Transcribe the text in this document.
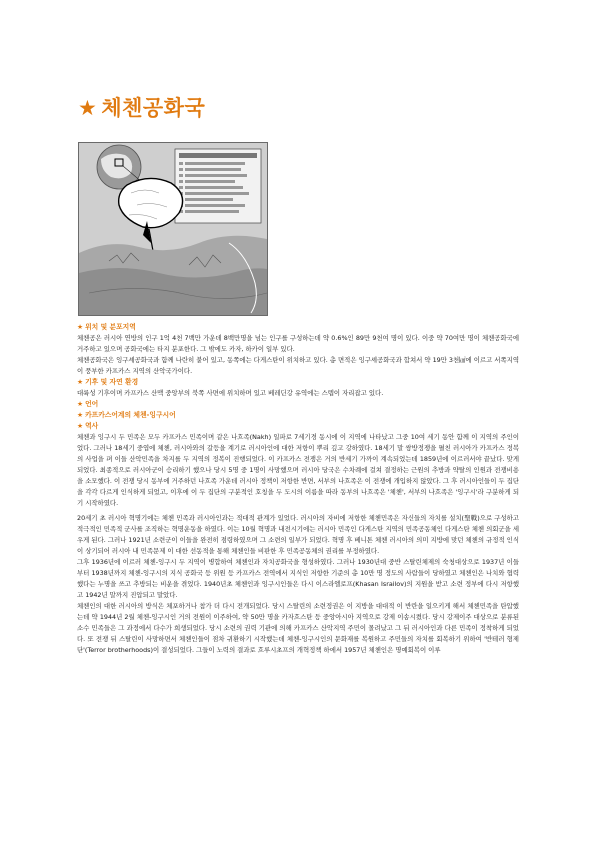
★ 체첸공화국
★ 위치 및 분포지역

체첸공은 러시아 연방의 인구 1억 4천 7백만 가운데 8백만명을 넘는 인구를 구성하는데 약 0.6%인 89만 9천여 명이 있다. 이중 약 70여만 명이 체첸공화국에 거주하고 있으며 공화국에는 타지 분포한다. 그 밖에도 카자, 하카이 일부 있다.

체첸공화국은 잉구셰공화국과 함께 나란히 붙어 있고, 동쪽에는 다게스탄이 위치하고 있다. 총 면적은 잉구셰공화국과 합쳐서 약 19만 3천㎢에 이르고 서쪽지역이 풍부한 카프카스 지역의 산악국가이다.

★ 기후 및 자연 환경

대륙성 기후이며 카프카스 산맥 중앙부의 북쪽 사면에 위치하며 있고 베레딘강 유역에는 스텝이 자리잡고 있다.

★ 언어
★ 카프카스어계의 체첸-잉구시어
★ 역사

체첸과 잉구시 두 민족은 모두 카프카스 민족이며 같은 나흐족(Nakh) 일파로 7세기경 동시에 이 지역에 나타났고 그중 10여 세기 동안 함께 이 지역의 주인이었다. 그러나 18세기 중엽에 체첸, 러시아와의 갈등을 계기로 러시아인에 대한 저항이 뿌리 깊고 강하였다. 18세기 말 쌍방정쟁을 펼친 러시아가 카프카스 정복의 사업을 펴 이들 산악민족을 차지를 두 지역의 정복이 진행되었다. 이 카프카스 전쟁은 거의 반세기 가까이 계속되었는데 1859년에 이르러서야 끝났다. 맞게 되었다. 최종적으로 러시아군이 승리하기 했으나 당시 5명 중 1명이 사망했으며 러시아 당국은 수차례에 걸쳐 결정하는 근원의 추방과 약탈의 인원과 전쟁비용을 소모했다. 이 전쟁 당시 동부에 거주하던 나흐족 가운데 러시아 정책이 저항한 반면, 서부의 나흐족은 이 전쟁에 개입하지 않았다. 그 후 러시아인들이 두 집단을 각각 다르게 인식하게 되었고, 이후에 이 두 집단의 구분적인 호칭을 두 도시의 이름을 따라 동부의 나흐족은 '체첸', 서부의 나흐족은 '잉구시'라 구분하게 되기 시작하였다.

20세기 초 러시아 혁명기에는 체첸 민족과 러시아인과는 적대적 관계가 있었다. 러시아의 자비에 저항한 체첸민족은 자신들의 자치를 설치(聖戰)으로 구성하고 적극적인 민족적 군사를 조직하는 혁명운동을 하였다. 이는 10월 혁명과 내전시기에는 러시아 민족인 다게스탄 지역의 민족공동체인 다게스탄 체첸 의회군을 세우게 된다. 그러나 1921년 소련군이 이들을 완전히 점령하였으며 그 소련의 일부가 되었다. 혁명 후 베니톤 체첸 러시아의 의미 지방에 맞던 체첸의 규정적 인식이 상기되어 러시아 내 민족문제 이 대한 선동적을 통해 체첸인들 비판한 후 민족공동체의 권리를 부정하였다.

그후 1936년에 이르러 체첸-잉구시 두 지역이 병합하여 체첸인과 자치공화국을 형성하였다. 그러나 1930년대 중반 스탈린체제의 숙청대상으로 1937년 이들부터 1938년까지 체첸-잉구시의 지식 공화국 등 위원 등 카프카스 전역에서 지식인 저항한 기준의 총 10만 명 정도의 사람들이 당하였고 체첸인은 나치와 협력했다는 누명을 쓰고 추방되는 비운을 겪었다. 1940년초 체첸인과 잉구시인들은 다시 이스라엘로프(Khasan Israilov)의 지원을 받고 소련 정부에 다시 저항했고 1942년 말까지 진압되고 말았다.

체첸인의 대한 러시아의 방식은 체포하거나 참가 더 다시 전개되었다. 당시 스탈린의 소련정권은 이 지방을 대대적 이 반란을 일으키게 해서 체첸민족을 탄압했는데 약 1944년 2월 체첸-잉구시인 거의 전원이 이주하여, 약 50만 명을 카자흐스탄 등 중앙아시아 지역으로 강제 이송시켰다. 당시 강제이주 대상으로 분류된 소수 민족들은 그 과정에서 다수가 희생되었다. 당시 소련의 권력 기관에 의해 카프카스 산악지역 주민이 몰려났고 그 뒤 러시아인과 다른 민족이 정착하게 되었다. 또 전쟁 뒤 스탈린이 사망하면서 체첸인들이 점차 귀환하기 시작했는데 체첸-잉구시인의 문화재를 복원하고 주민들의 자치를 회복하기 위하여 '반테러 형제단'(Terror brotherhoods)이 결성되었다. 그들이 노력의 결과로 흐루시초프의 개혁정책 하에서 1957년 체첸인은 명예회복이 이루
